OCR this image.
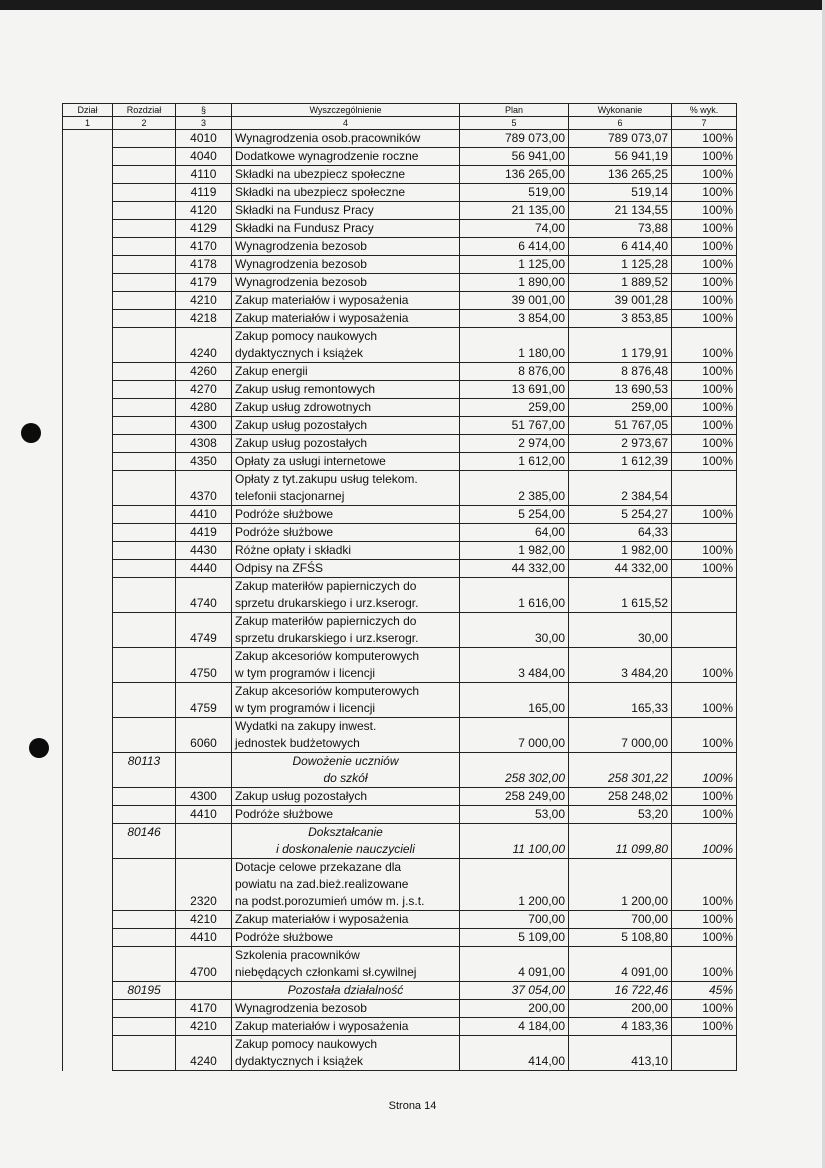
Dział	Rozdział	§	Wyszczególnienie	Plan	Wykonanie	% wyk.
1	2	3	4	5	6	7
		4010	Wynagrodzenia osob.pracowników	789 073,00	789 073,07	100%
		4040	Dodatkowe wynagrodzenie roczne	56 941,00	56 941,19	100%
		4110	Składki na ubezpiecz społeczne	136 265,00	136 265,25	100%
		4119	Składki na ubezpiecz społeczne	519,00	519,14	100%
		4120	Składki na Fundusz Pracy	21 135,00	21 134,55	100%
		4129	Składki na Fundusz Pracy	74,00	73,88	100%
		4170	Wynagrodzenia bezosob	6 414,00	6 414,40	100%
		4178	Wynagrodzenia bezosob	1 125,00	1 125,28	100%
		4179	Wynagrodzenia bezosob	1 890,00	1 889,52	100%
		4210	Zakup materiałów i wyposażenia	39 001,00	39 001,28	100%
		4218	Zakup materiałów i wyposażenia	3 854,00	3 853,85	100%
		4240	Zakup pomocy naukowych
dydaktycznych i książek	1 180,00	1 179,91	100%
		4260	Zakup energii	8 876,00	8 876,48	100%
		4270	Zakup usług remontowych	13 691,00	13 690,53	100%
		4280	Zakup usług zdrowotnych	259,00	259,00	100%
		4300	Zakup usług pozostałych	51 767,00	51 767,05	100%
		4308	Zakup usług pozostałych	2 974,00	2 973,67	100%
		4350	Opłaty za usługi internetowe	1 612,00	1 612,39	100%
		4370	Opłaty z tyt.zakupu usług telekom.
telefonii stacjonarnej	2 385,00	2 384,54	
		4410	Podróże służbowe	5 254,00	5 254,27	100%
		4419	Podróże służbowe	64,00	64,33	
		4430	Różne opłaty i składki	1 982,00	1 982,00	100%
		4440	Odpisy na ZFŚS	44 332,00	44 332,00	100%
		4740	Zakup materiłów papierniczych do
sprzetu drukarskiego i urz.kserogr.	1 616,00	1 615,52	
		4749	Zakup materiłów papierniczych do
sprzetu drukarskiego i urz.kserogr.	30,00	30,00	
		4750	Zakup akcesoriów komputerowych
w tym programów i licencji	3 484,00	3 484,20	100%
		4759	Zakup akcesoriów komputerowych
w tym programów i licencji	165,00	165,33	100%
		6060	Wydatki na zakupy inwest.
jednostek budżetowych	7 000,00	7 000,00	100%
	80113		Dowożenie uczniów
do szkół	258 302,00	258 301,22	100%
		4300	Zakup usług pozostałych	258 249,00	258 248,02	100%
		4410	Podróże służbowe	53,00	53,20	100%
	80146		Dokształcanie
i doskonalenie nauczycieli	11 100,00	11 099,80	100%
		2320	Dotacje celowe przekazane dla
powiatu na zad.bież.realizowane
na podst.porozumień umów m. j.s.t.	1 200,00	1 200,00	100%
		4210	Zakup materiałów i wyposażenia	700,00	700,00	100%
		4410	Podróże służbowe	5 109,00	5 108,80	100%
		4700	Szkolenia pracowników
niebędących członkami sł.cywilnej	4 091,00	4 091,00	100%
	80195		Pozostała działalność	37 054,00	16 722,46	45%
		4170	Wynagrodzenia bezosob	200,00	200,00	100%
		4210	Zakup materiałów i wyposażenia	4 184,00	4 183,36	100%
		4240	Zakup pomocy naukowych
dydaktycznych i książek	414,00	413,10	
Strona 14
